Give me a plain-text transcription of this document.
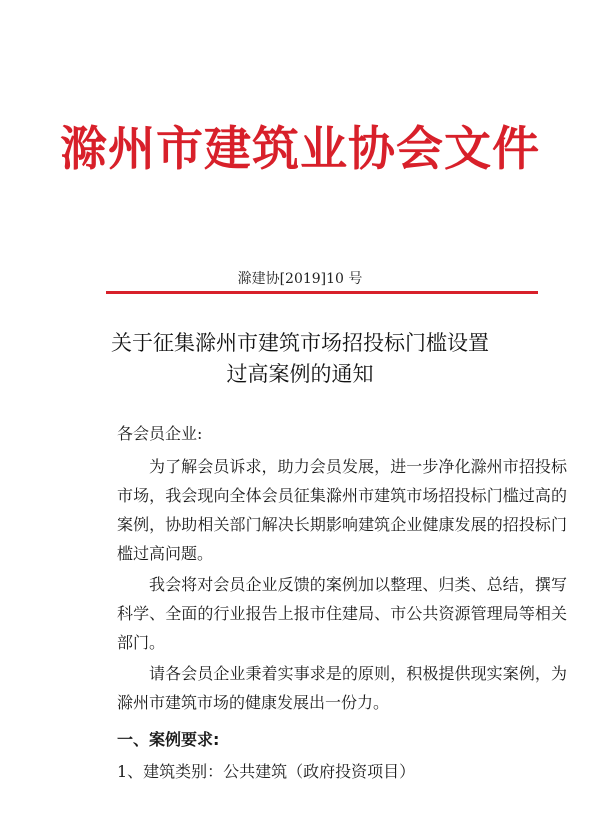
滁州市建筑业协会文件
滁建协[2019]10 号
关于征集滁州市建筑市场招投标门槛设置
过高案例的通知
各会员企业:

为了解会员诉求，助力会员发展，进一步净化滁州市招投标市场，我会现向全体会员征集滁州市建筑市场招投标门槛过高的案例，协助相关部门解决长期影响建筑企业健康发展的招投标门槛过高问题。

我会将对会员企业反馈的案例加以整理、归类、总结，撰写科学、全面的行业报告上报市住建局、市公共资源管理局等相关部门。

请各会员企业秉着实事求是的原则，积极提供现实案例，为滁州市建筑市场的健康发展出一份力。

一、案例要求:
1、建筑类别：公共建筑（政府投资项目）
